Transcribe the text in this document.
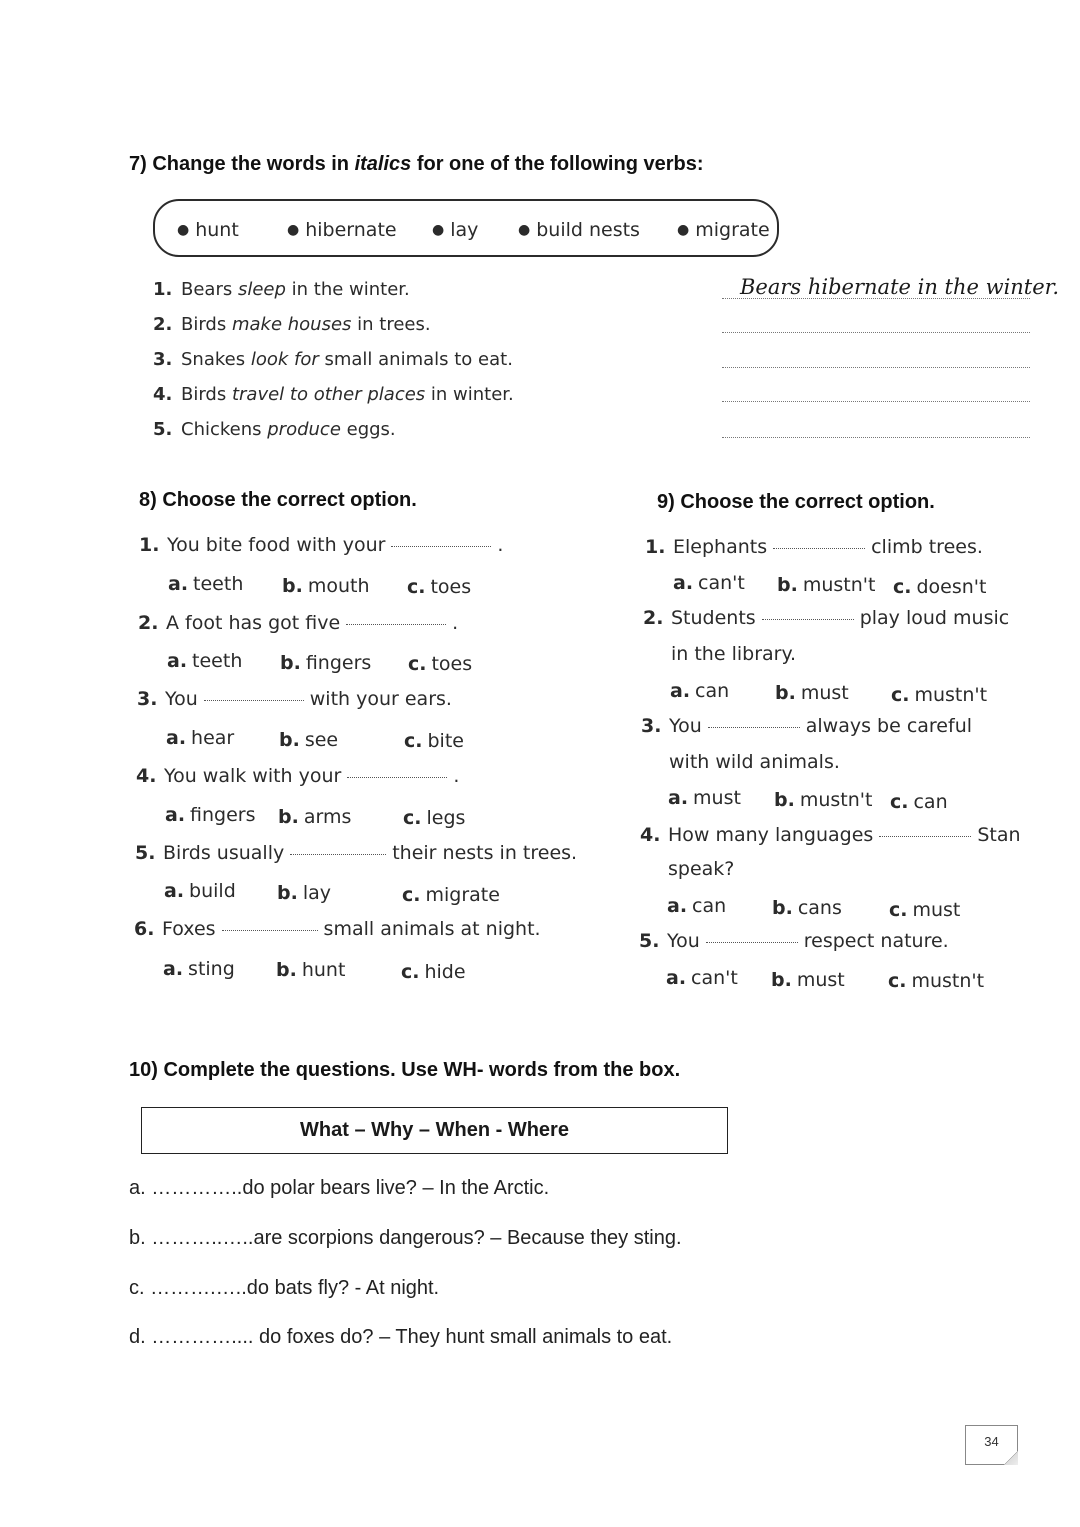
7) Change the words in italics for one of the following verbs:
● hunt	● hibernate	● lay	● build nests	● migrate
1. Bears sleep in the winter.
2. Birds make houses in trees.
3. Snakes look for small animals to eat.
4. Birds travel to other places in winter.
5. Chickens produce eggs.
Bears hibernate in the winter.
8) Choose the correct option.
1. You bite food with your	.
a. teeth b. mouth c. toes
2. A foot has got five	.
a. teeth b. fingers c. toes
3. You	with your ears.
a. hear b. see	c. bite
4. You walk with your	.
a. fingers b. arms	c. legs
5. Birds usually	their nests in trees.
a. build b. lay	c. migrate
6. Foxes	small animals at night.
a. sting b. hunt	c. hide
9) Choose the correct option.
1. Elephants	climb trees.
a. can't b. mustn't c. doesn't
2. Students	play loud music
in the library.
a. can b. must c. mustn't
3. You	always be careful
with wild animals.
a. must b. mustn't c. can
4. How many languages	Stan
speak?
a. can b. cans c. must
5. You	respect nature.
a. can't b. must c. mustn't
10) Complete the questions. Use WH- words from the box.
What – Why – When - Where
a. …………..do polar bears live? – In the Arctic.
b. ………..…..are scorpions dangerous? – Because they sting.
c. ……….…..do bats fly? - At night.
d. ………….... do foxes do? – They hunt small animals to eat.
34
